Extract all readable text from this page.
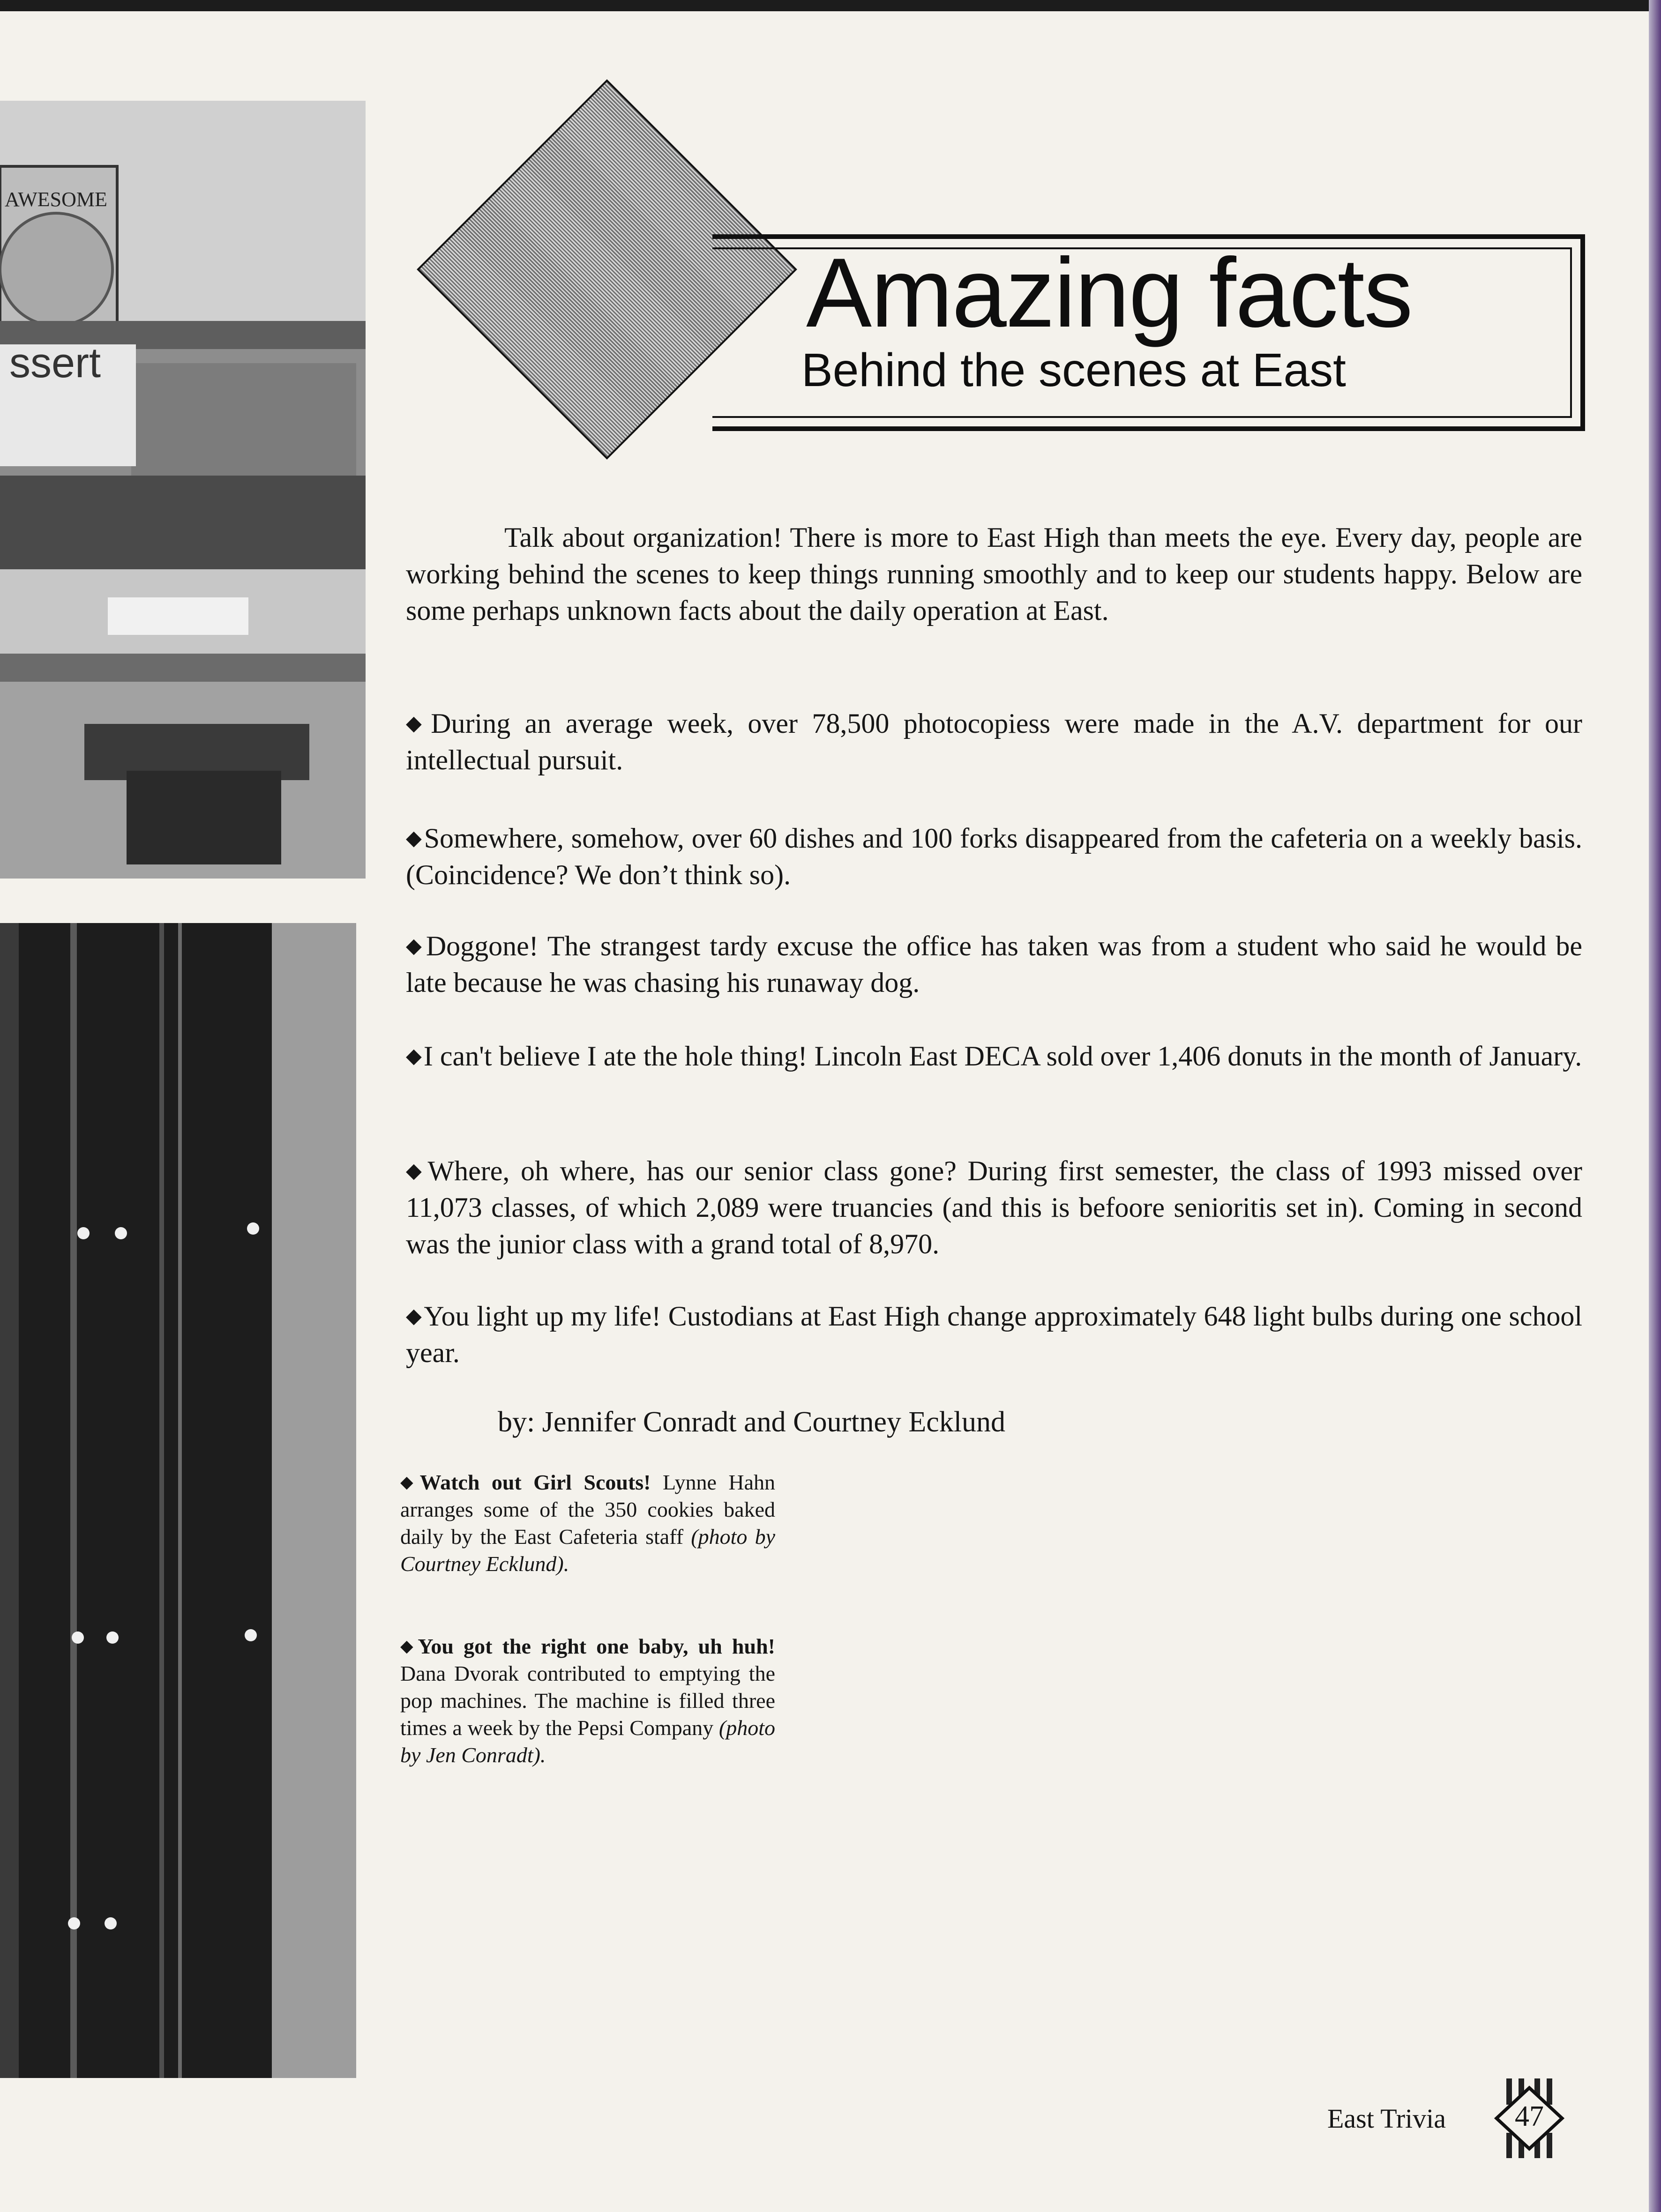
AWESOME
ssert
Amazing facts
Behind the scenes at East

Talk about organization! There is more to East High than meets the eye. Every day, people are working behind the scenes to keep things running smoothly and to keep our students happy. Below are some perhaps unknown facts about the daily operation at East.

◆During an average week, over 78,500 photocopiess were made in the A.V. department for our intellectual pursuit.

◆Somewhere, somehow, over 60 dishes and 100 forks disappeared from the cafeteria on a weekly basis. (Coincidence? We don’t think so).

◆Doggone! The strangest tardy excuse the office has taken was from a student who said he would be late because he was chasing his runaway dog.

◆I can't believe I ate the hole thing! Lincoln East DECA sold over 1,406 donuts in the month of January.

◆Where, oh where, has our senior class gone? During first semester, the class of 1993 missed over 11,073 classes, of which 2,089 were truancies (and this is befoore senioritis set in). Coming in second was the junior class with a grand total of 8,970.

◆You light up my life! Custodians at East High change approximately 648 light bulbs during one school year.

by: Jennifer Conradt and Courtney Ecklund

◆Watch out Girl Scouts! Lynne Hahn arranges some of the 350 cookies baked daily by the East Cafeteria staff (photo by Courtney Ecklund).

◆You got the right one baby, uh huh! Dana Dvorak contributed to emptying the pop machines. The machine is filled three times a week by the Pepsi Company (photo by Jen Conradt).

East Trivia	47
